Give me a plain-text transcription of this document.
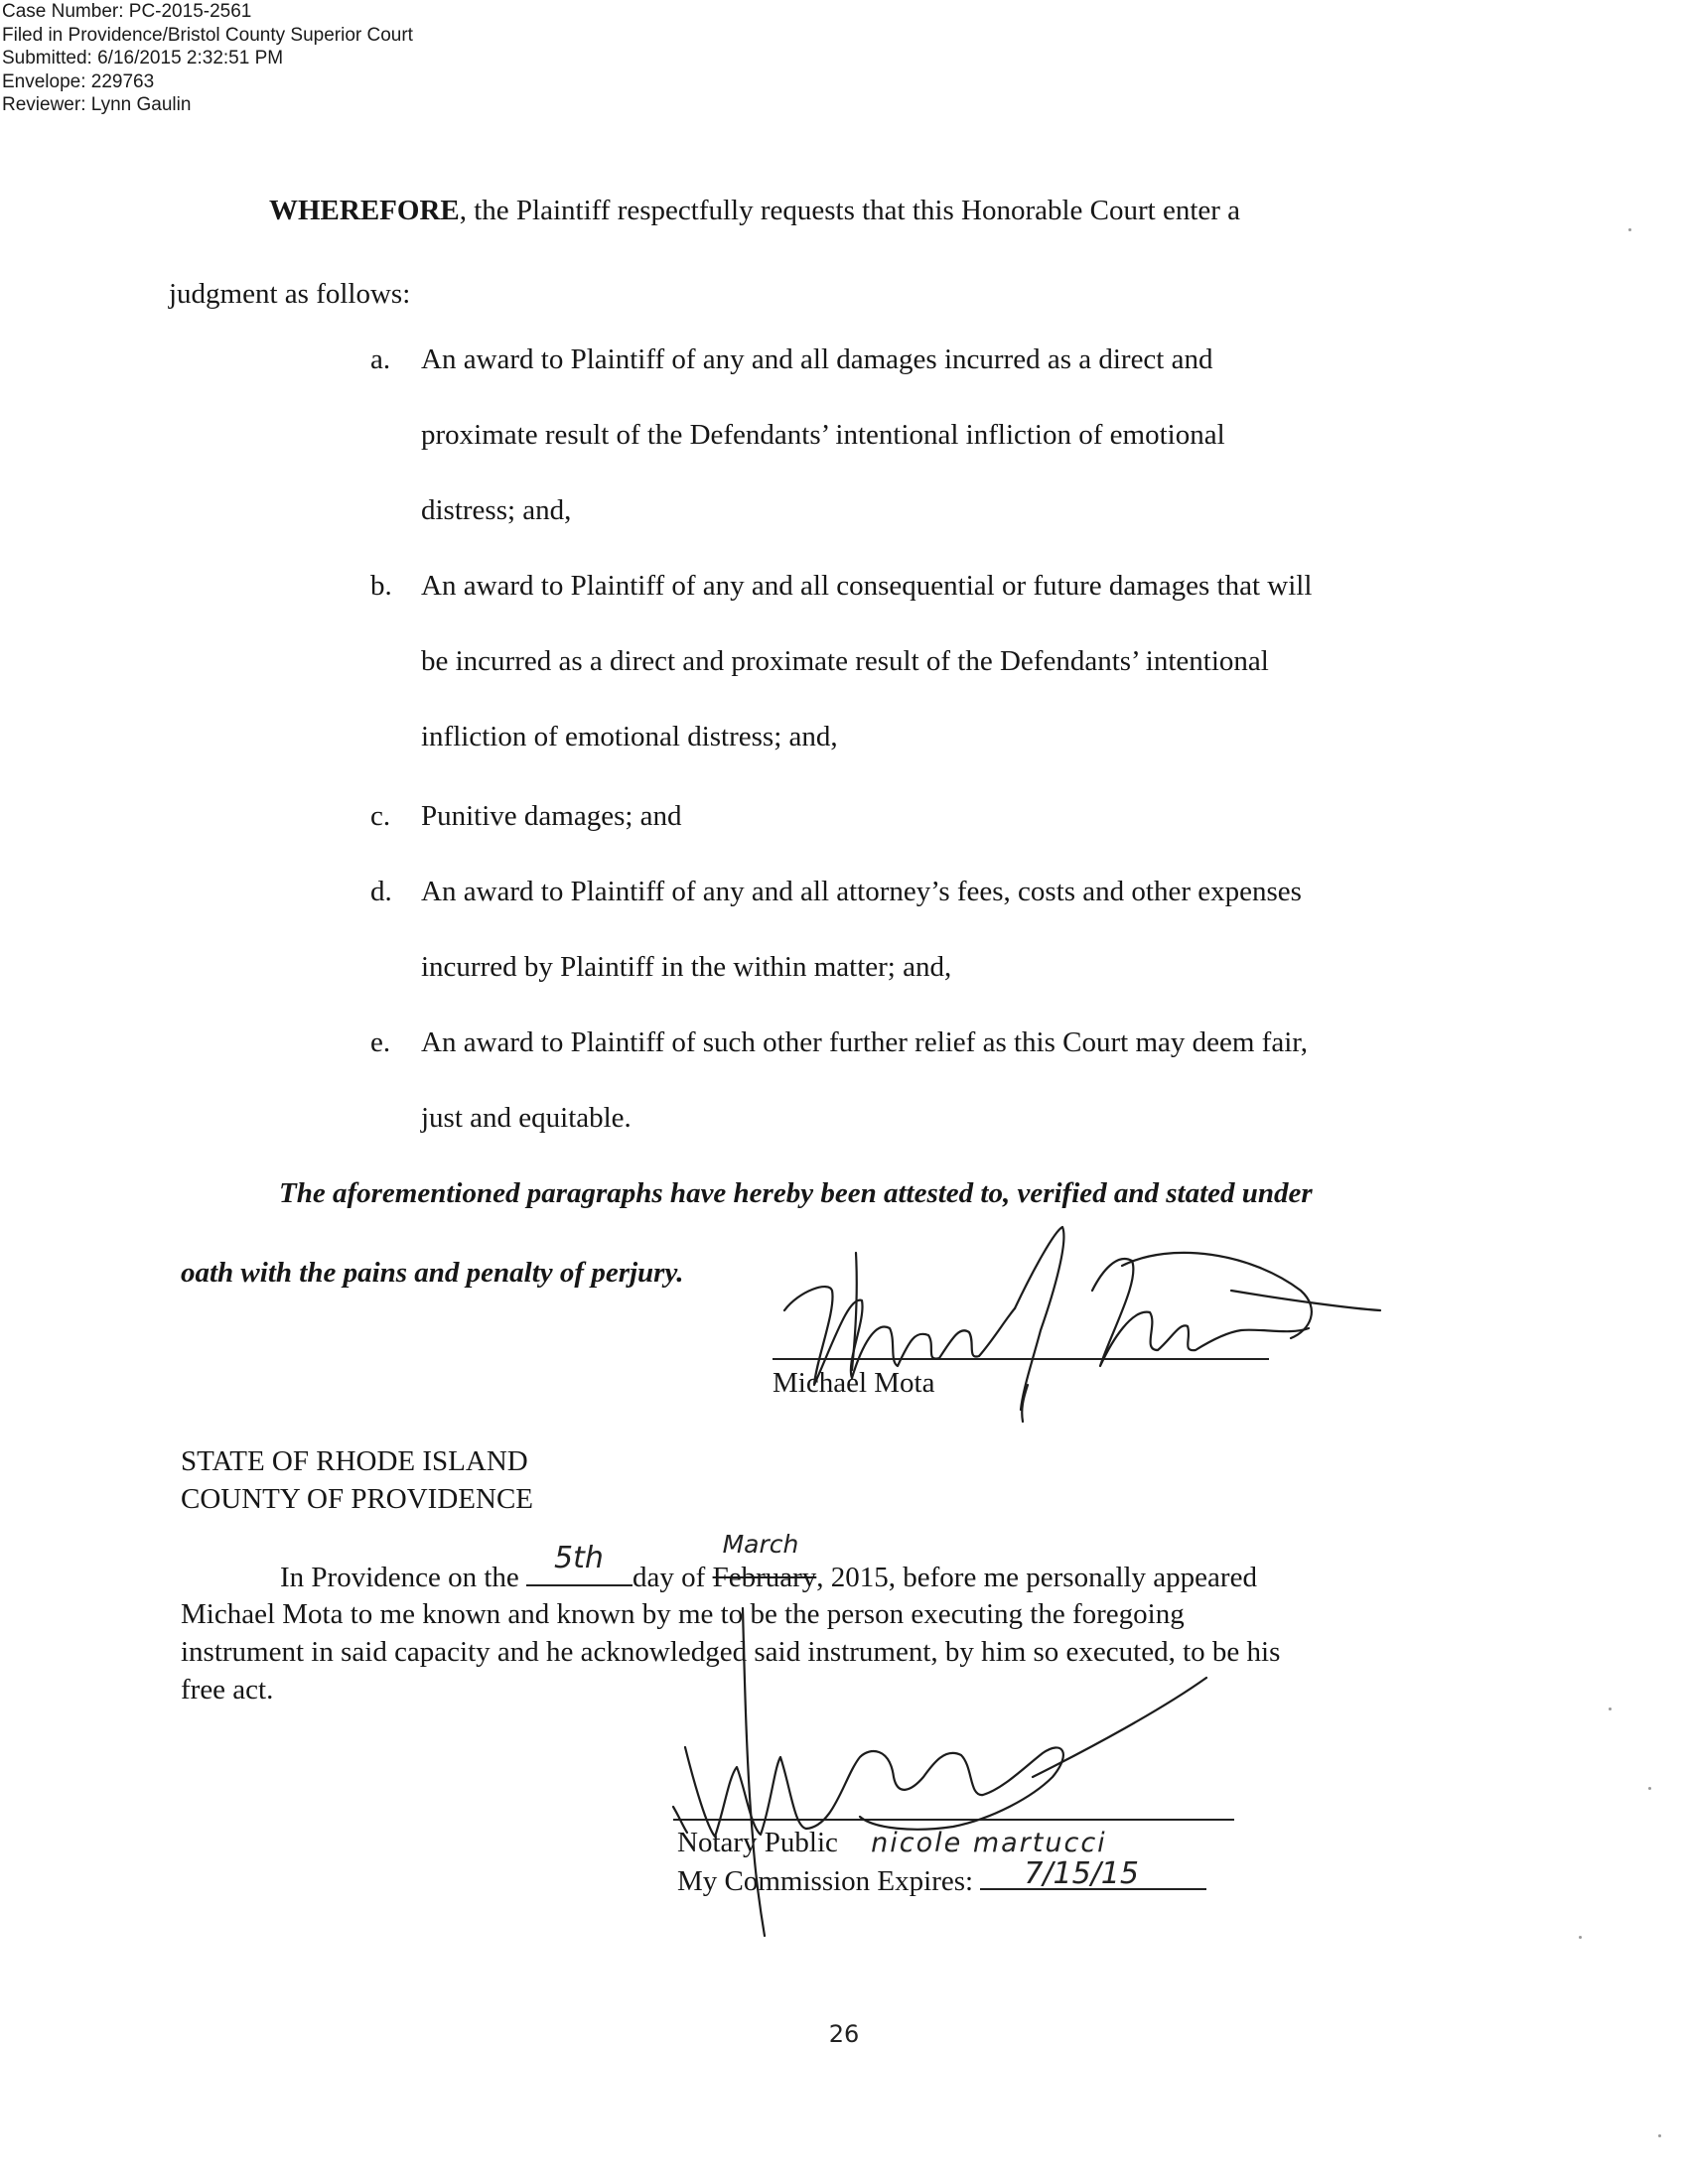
Case Number: PC-2015-2561
Filed in Providence/Bristol County Superior Court
Submitted: 6/16/2015 2:32:51 PM
Envelope: 229763
Reviewer: Lynn Gaulin
WHEREFORE, the Plaintiff respectfully requests that this Honorable Court enter a
judgment as follows:
a. An award to Plaintiff of any and all damages incurred as a direct and
proximate result of the Defendants’ intentional infliction of emotional
distress; and,
b. An award to Plaintiff of any and all consequential or future damages that will
be incurred as a direct and proximate result of the Defendants’ intentional
infliction of emotional distress; and,
c. Punitive damages; and
d. An award to Plaintiff of any and all attorney’s fees, costs and other expenses
incurred by Plaintiff in the within matter; and,
e. An award to Plaintiff of such other further relief as this Court may deem fair,
just and equitable.
The aforementioned paragraphs have hereby been attested to, verified and stated under
oath with the pains and penalty of perjury.
Michael Mota
STATE OF RHODE ISLAND
COUNTY OF PROVIDENCE
In Providence on the
5th
day of February
March
, 2015, before me personally appeared
Michael Mota to me known and known by me to be the person executing the foregoing
instrument in said capacity and he acknowledged said instrument, by him so executed, to be his
free act.
Notary Public nicole martucci
My Commission Expires: 7/15/15
26
